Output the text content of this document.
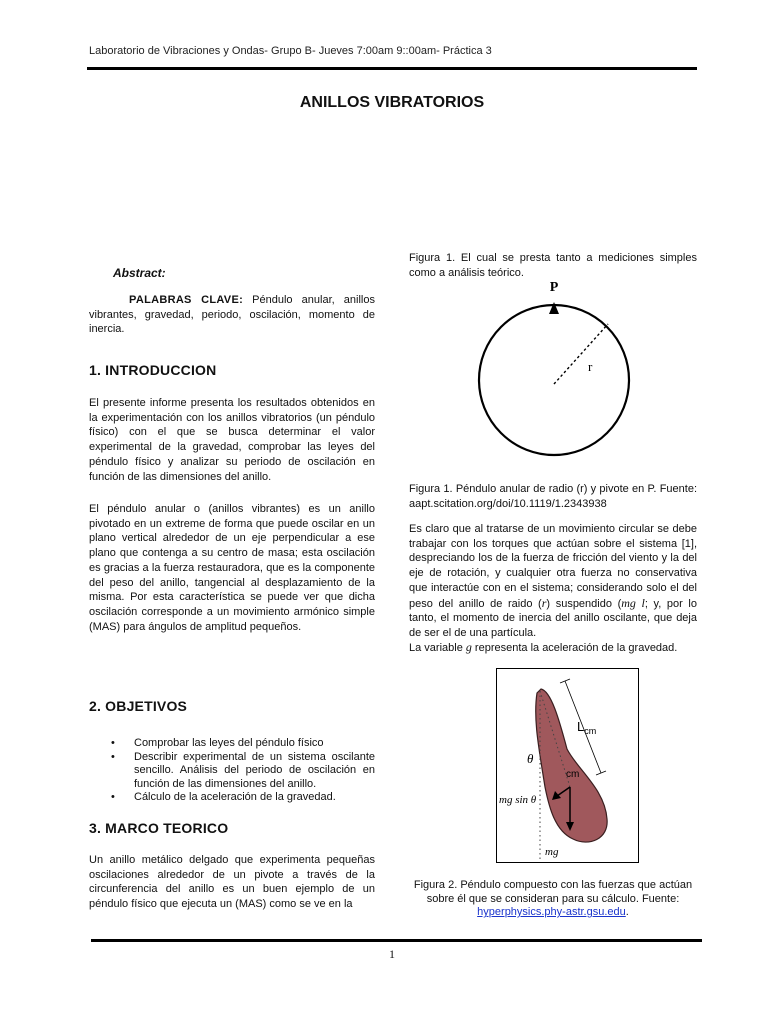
Laboratorio de Vibraciones y Ondas- Grupo B- Jueves 7:00am 9::00am- Práctica 3
ANILLOS VIBRATORIOS
Abstract:
PALABRAS CLAVE: Péndulo anular, anillos vibrantes, gravedad, periodo, oscilación, momento de inercia.
1. INTRODUCCION
El presente informe presenta los resultados obtenidos en la experimentación con los anillos vibratorios (un péndulo físico) con el que se busca determinar el valor experimental de la gravedad, comprobar las leyes del péndulo físico y analizar su periodo de oscilación en función de las dimensiones del anillo.
El péndulo anular o (anillos vibrantes) es un anillo pivotado en un extreme de forma que puede oscilar en un plano vertical alrededor de un eje perpendicular a ese plano que contenga a su centro de masa; esta oscilación es gracias a la fuerza restauradora, que es la componente del peso del anillo, tangencial al desplazamiento de la misma. Por esta característica se puede ver que dicha oscilación corresponde a un movimiento armónico simple (MAS) para ángulos de amplitud pequeños.
2. OBJETIVOS
• Comprobar las leyes del péndulo físico
• Describir experimental de un sistema oscilante sencillo. Análisis del periodo de oscilación en función de las dimensiones del anillo.
• Cálculo de la aceleración de la gravedad.
3. MARCO TEORICO
Un anillo metálico delgado que experimenta pequeñas oscilaciones alrededor de un pivote a través de la circunferencia del anillo es un buen ejemplo de un péndulo físico que ejecuta un (MAS) como se ve en la
Figura 1. El cual se presta tanto a mediciones simples como a análisis teórico.
P
r
Figura 1. Péndulo anular de radio (r) y pivote en P. Fuente: aapt.scitation.org/doi/10.1119/1.2343938
Es claro que al tratarse de un movimiento circular se debe trabajar con los torques que actúan sobre el sistema [1], despreciando los de la fuerza de fricción del viento y la del eje de rotación, y cualquier otra fuerza no conservativa que interactúe con en el sistema; considerando solo el del peso del anillo de raido (r) suspendido (mg l; y, por lo tanto, el momento de inercia del anillo oscilante, que deja de ser el de una partícula.
La variable g representa la aceleración de la gravedad.
$L_{cm}$
θ
cm
mg sin θ
mg
Figura 2. Péndulo compuesto con las fuerzas que actúan sobre él que se consideran para su cálculo. Fuente: hyperphysics.phy-astr.gsu.edu.
1
